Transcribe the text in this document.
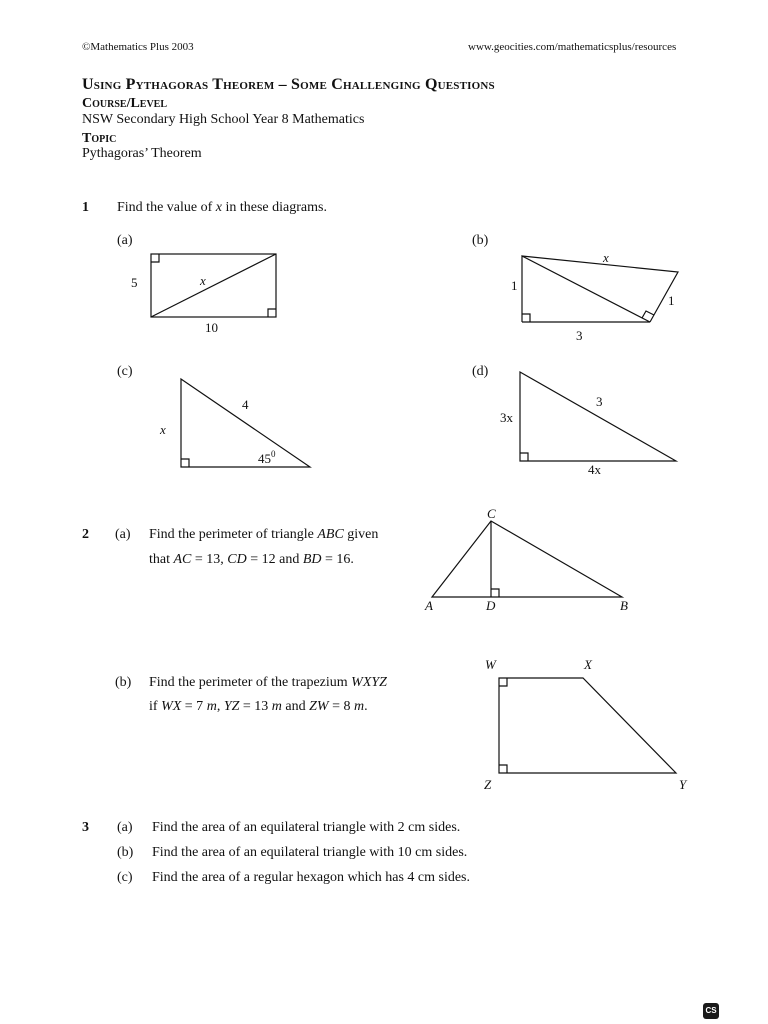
©Mathematics Plus 2003	www.geocities.com/mathematicsplus/resources
Using Pythagoras Theorem – Some Challenging Questions
Course/Level
NSW Secondary High School Year 8 Mathematics
Topic
Pythagoras’ Theorem
1 Find the value of x in these diagrams.
(a)	(b)
(c)	(d)
2 (a) Find the perimeter of triangle ABC given
that AC = 13, CD = 12 and BD = 16.
(b) Find the perimeter of the trapezium WXYZ
if WX = 7 m, YZ = 13 m and ZW = 8 m.
3 (a) Find the area of an equilateral triangle with 2 cm sides.
(b) Find the area of an equilateral triangle with 10 cm sides.
(c) Find the area of a regular hexagon which has 4 cm sides.
5	x
10
1
x
1
3
x
4
$45^0$
3x
3
4x
C
A	D	B
W	X
Z	Y
CS
